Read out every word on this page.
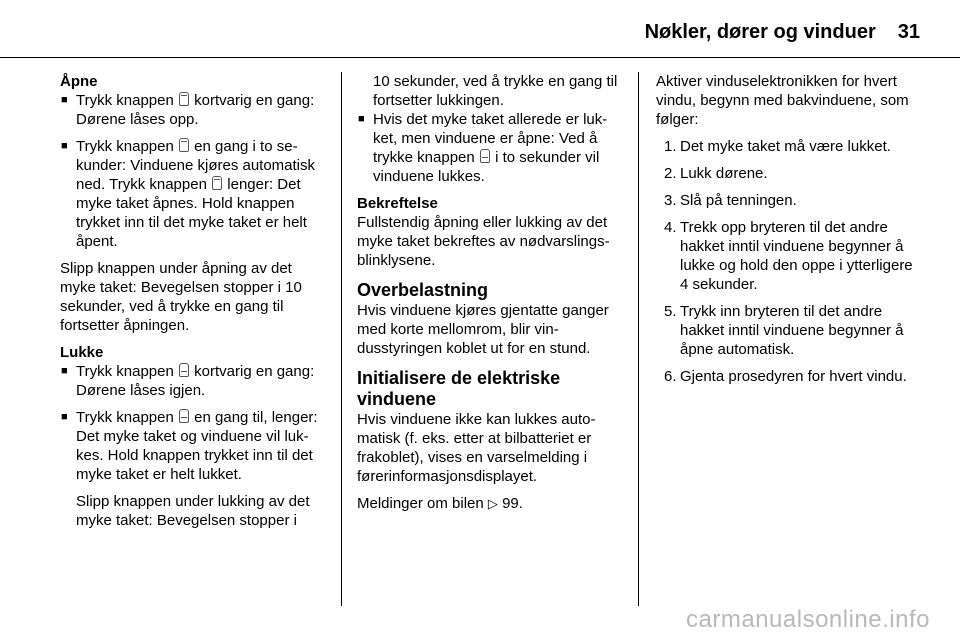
Nøkler, dører og vinduer 31
Åpne
■ Trykk knappen kortvarig en gang: Dørene låses opp.
■ Trykk knappen en gang i to sekunder: Vinduene kjøres automatisk ned. Trykk knappen lenger: Det myke taket åpnes. Hold knappen trykket inn til det myke taket er helt åpent.

Slipp knappen under åpning av det myke taket: Bevegelsen stopper i 10 sekunder, ved å trykke en gang til fortsetter åpningen.

Lukke
■ Trykk knappen kortvarig en gang: Dørene låses igjen.
■ Trykk knappen en gang til, lenger: Det myke taket og vinduene vil lukkes. Hold knappen trykket inn til det myke taket er helt lukket.

Slipp knappen under lukking av det myke taket: Bevegelsen stopper i

10 sekunder, ved å trykke en gang til fortsetter lukkingen.

■ Hvis det myke taket allerede er lukket, men vinduene er åpne: Ved å trykke knappen i to sekunder vil vinduene lukkes.
Bekreftelse

Fullstendig åpning eller lukking av det myke taket bekreftes av nødvarslings-blinklysene.

Overbelastning

Hvis vinduene kjøres gjentatte ganger med korte mellomrom, blir vindusstyringen koblet ut for en stund.

Initialisere de elektriske vinduene

Hvis vinduene ikke kan lukkes automatisk (f. eks. etter at bilbatteriet er frakoblet), vises en varselmelding i førerinformasjonsdisplayet.

Meldinger om bilen ▷ 99.

Aktiver vinduselektronikken for hvert vindu, begynn med bakvinduene, som følger:

1. Det myke taket må være lukket.
2. Lukk dørene.
3. Slå på tenningen.
4. Trekk opp bryteren til det andre hakket inntil vinduene begynner å lukke og hold den oppe i ytterligere 4 sekunder.
5. Trykk inn bryteren til det andre hakket inntil vinduene begynner å åpne automatisk.
6. Gjenta prosedyren for hvert vindu.
carmanualsonline.info
